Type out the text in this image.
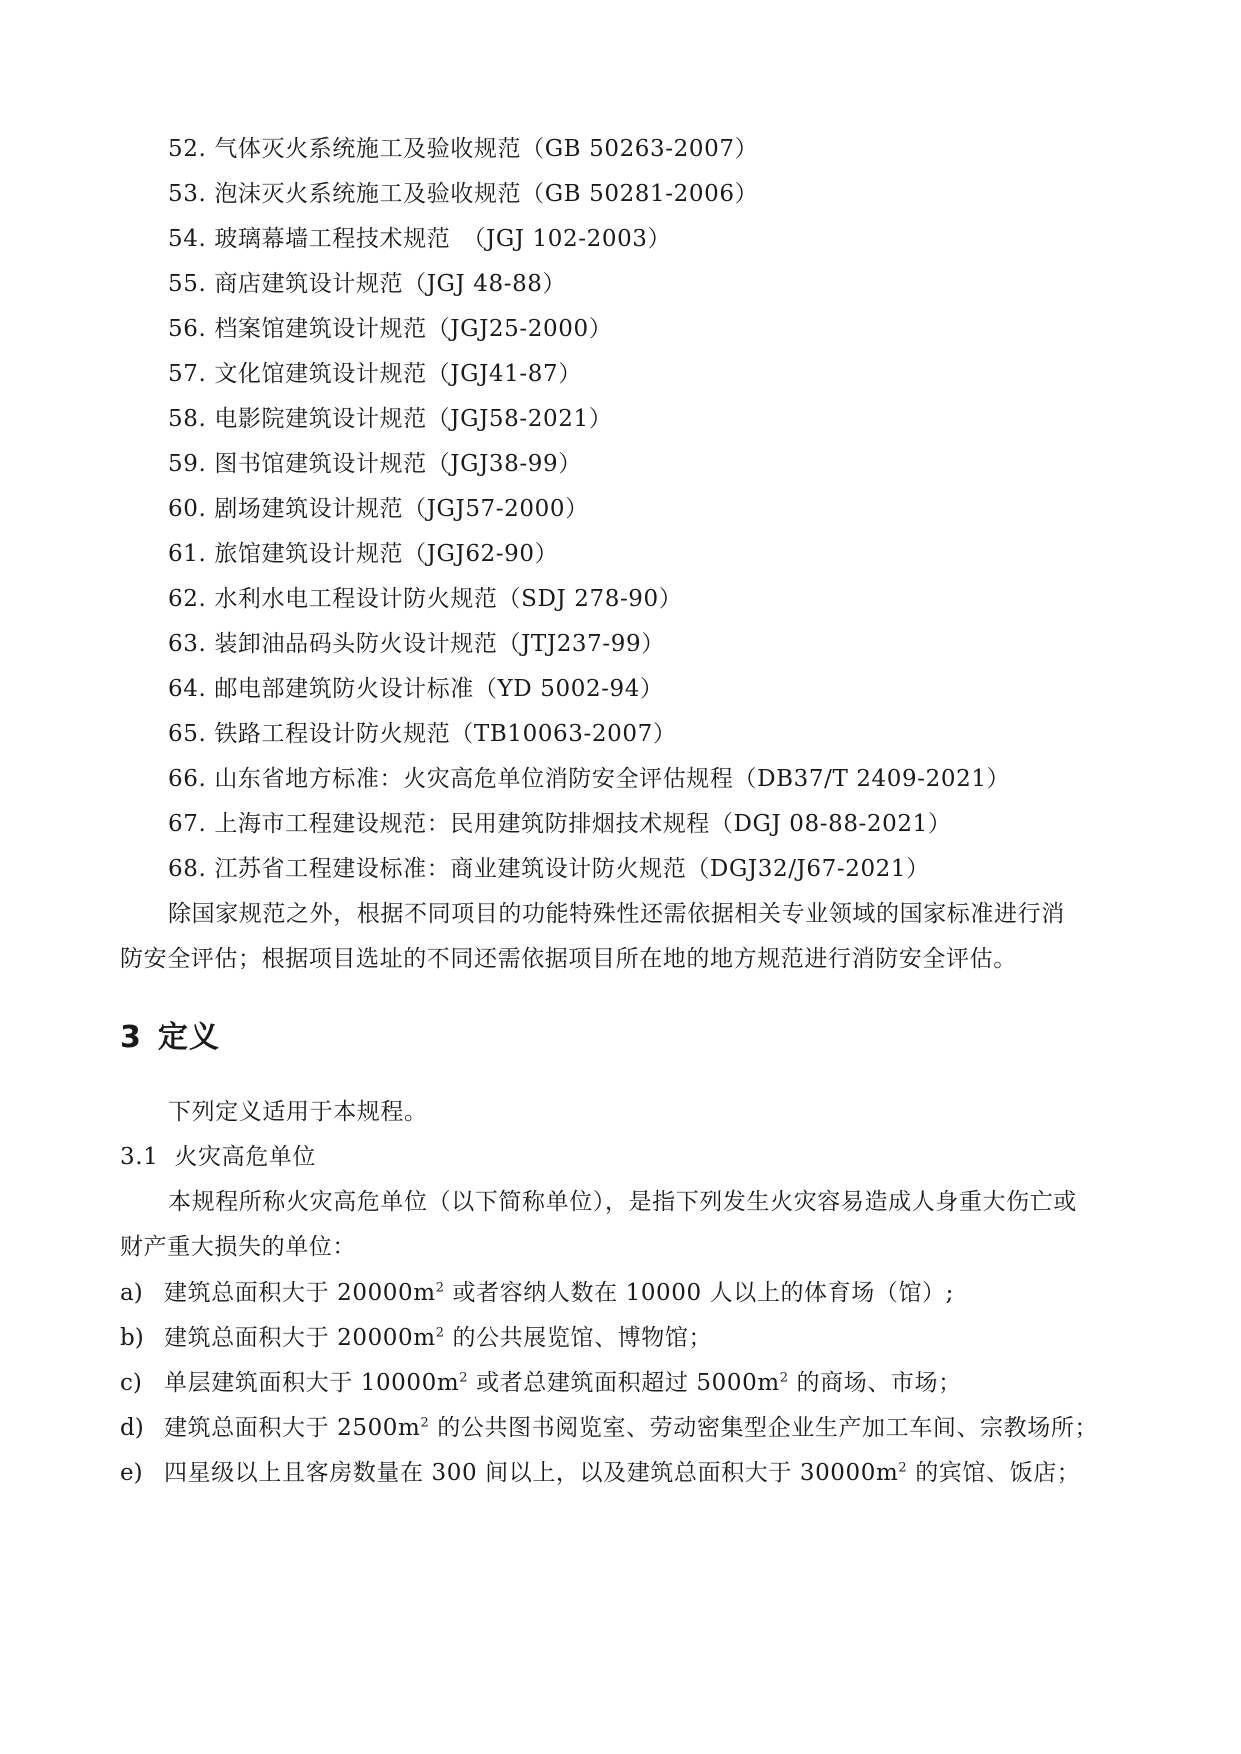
52. 气体灭火系统施工及验收规范（GB 50263-2007）
53. 泡沫灭火系统施工及验收规范（GB 50281-2006）
54. 玻璃幕墙工程技术规范　（JGJ 102-2003）
55. 商店建筑设计规范（JGJ 48-88）
56. 档案馆建筑设计规范（JGJ25-2000）
57. 文化馆建筑设计规范（JGJ41-87）
58. 电影院建筑设计规范（JGJ58-2021）
59. 图书馆建筑设计规范（JGJ38-99）
60. 剧场建筑设计规范（JGJ57-2000）
61. 旅馆建筑设计规范（JGJ62-90）
62. 水利水电工程设计防火规范（SDJ 278-90）
63. 装卸油品码头防火设计规范（JTJ237-99）
64. 邮电部建筑防火设计标准（YD 5002-94）
65. 铁路工程设计防火规范（TB10063-2007）
66. 山东省地方标准：火灾高危单位消防安全评估规程（DB37/T 2409-2021）
67. 上海市工程建设规范：民用建筑防排烟技术规程（DGJ 08-88-2021）
68. 江苏省工程建设标准：商业建筑设计防火规范（DGJ32/J67-2021）
除国家规范之外，根据不同项目的功能特殊性还需依据相关专业领域的国家标准进行消
防安全评估；根据项目选址的不同还需依据项目所在地的地方规范进行消防安全评估。
3 定义
下列定义适用于本规程。
3.1 火灾高危单位
本规程所称火灾高危单位（以下简称单位），是指下列发生火灾容易造成人身重大伤亡或
财产重大损失的单位：
a) 建筑总面积大于 $20000m^2$ 或者容纳人数在 10000 人以上的体育场（馆）;
b) 建筑总面积大于 $20000m^2$ 的公共展览馆、博物馆；
c) 单层建筑面积大于 $10000m^2$ 或者总建筑面积超过 $5000m^2$ 的商场、市场；
d) 建筑总面积大于 $2500m^2$ 的公共图书阅览室、劳动密集型企业生产加工车间、宗教场所；
e) 四星级以上且客房数量在 300 间以上，以及建筑总面积大于 $30000m^2$ 的宾馆、饭店；
